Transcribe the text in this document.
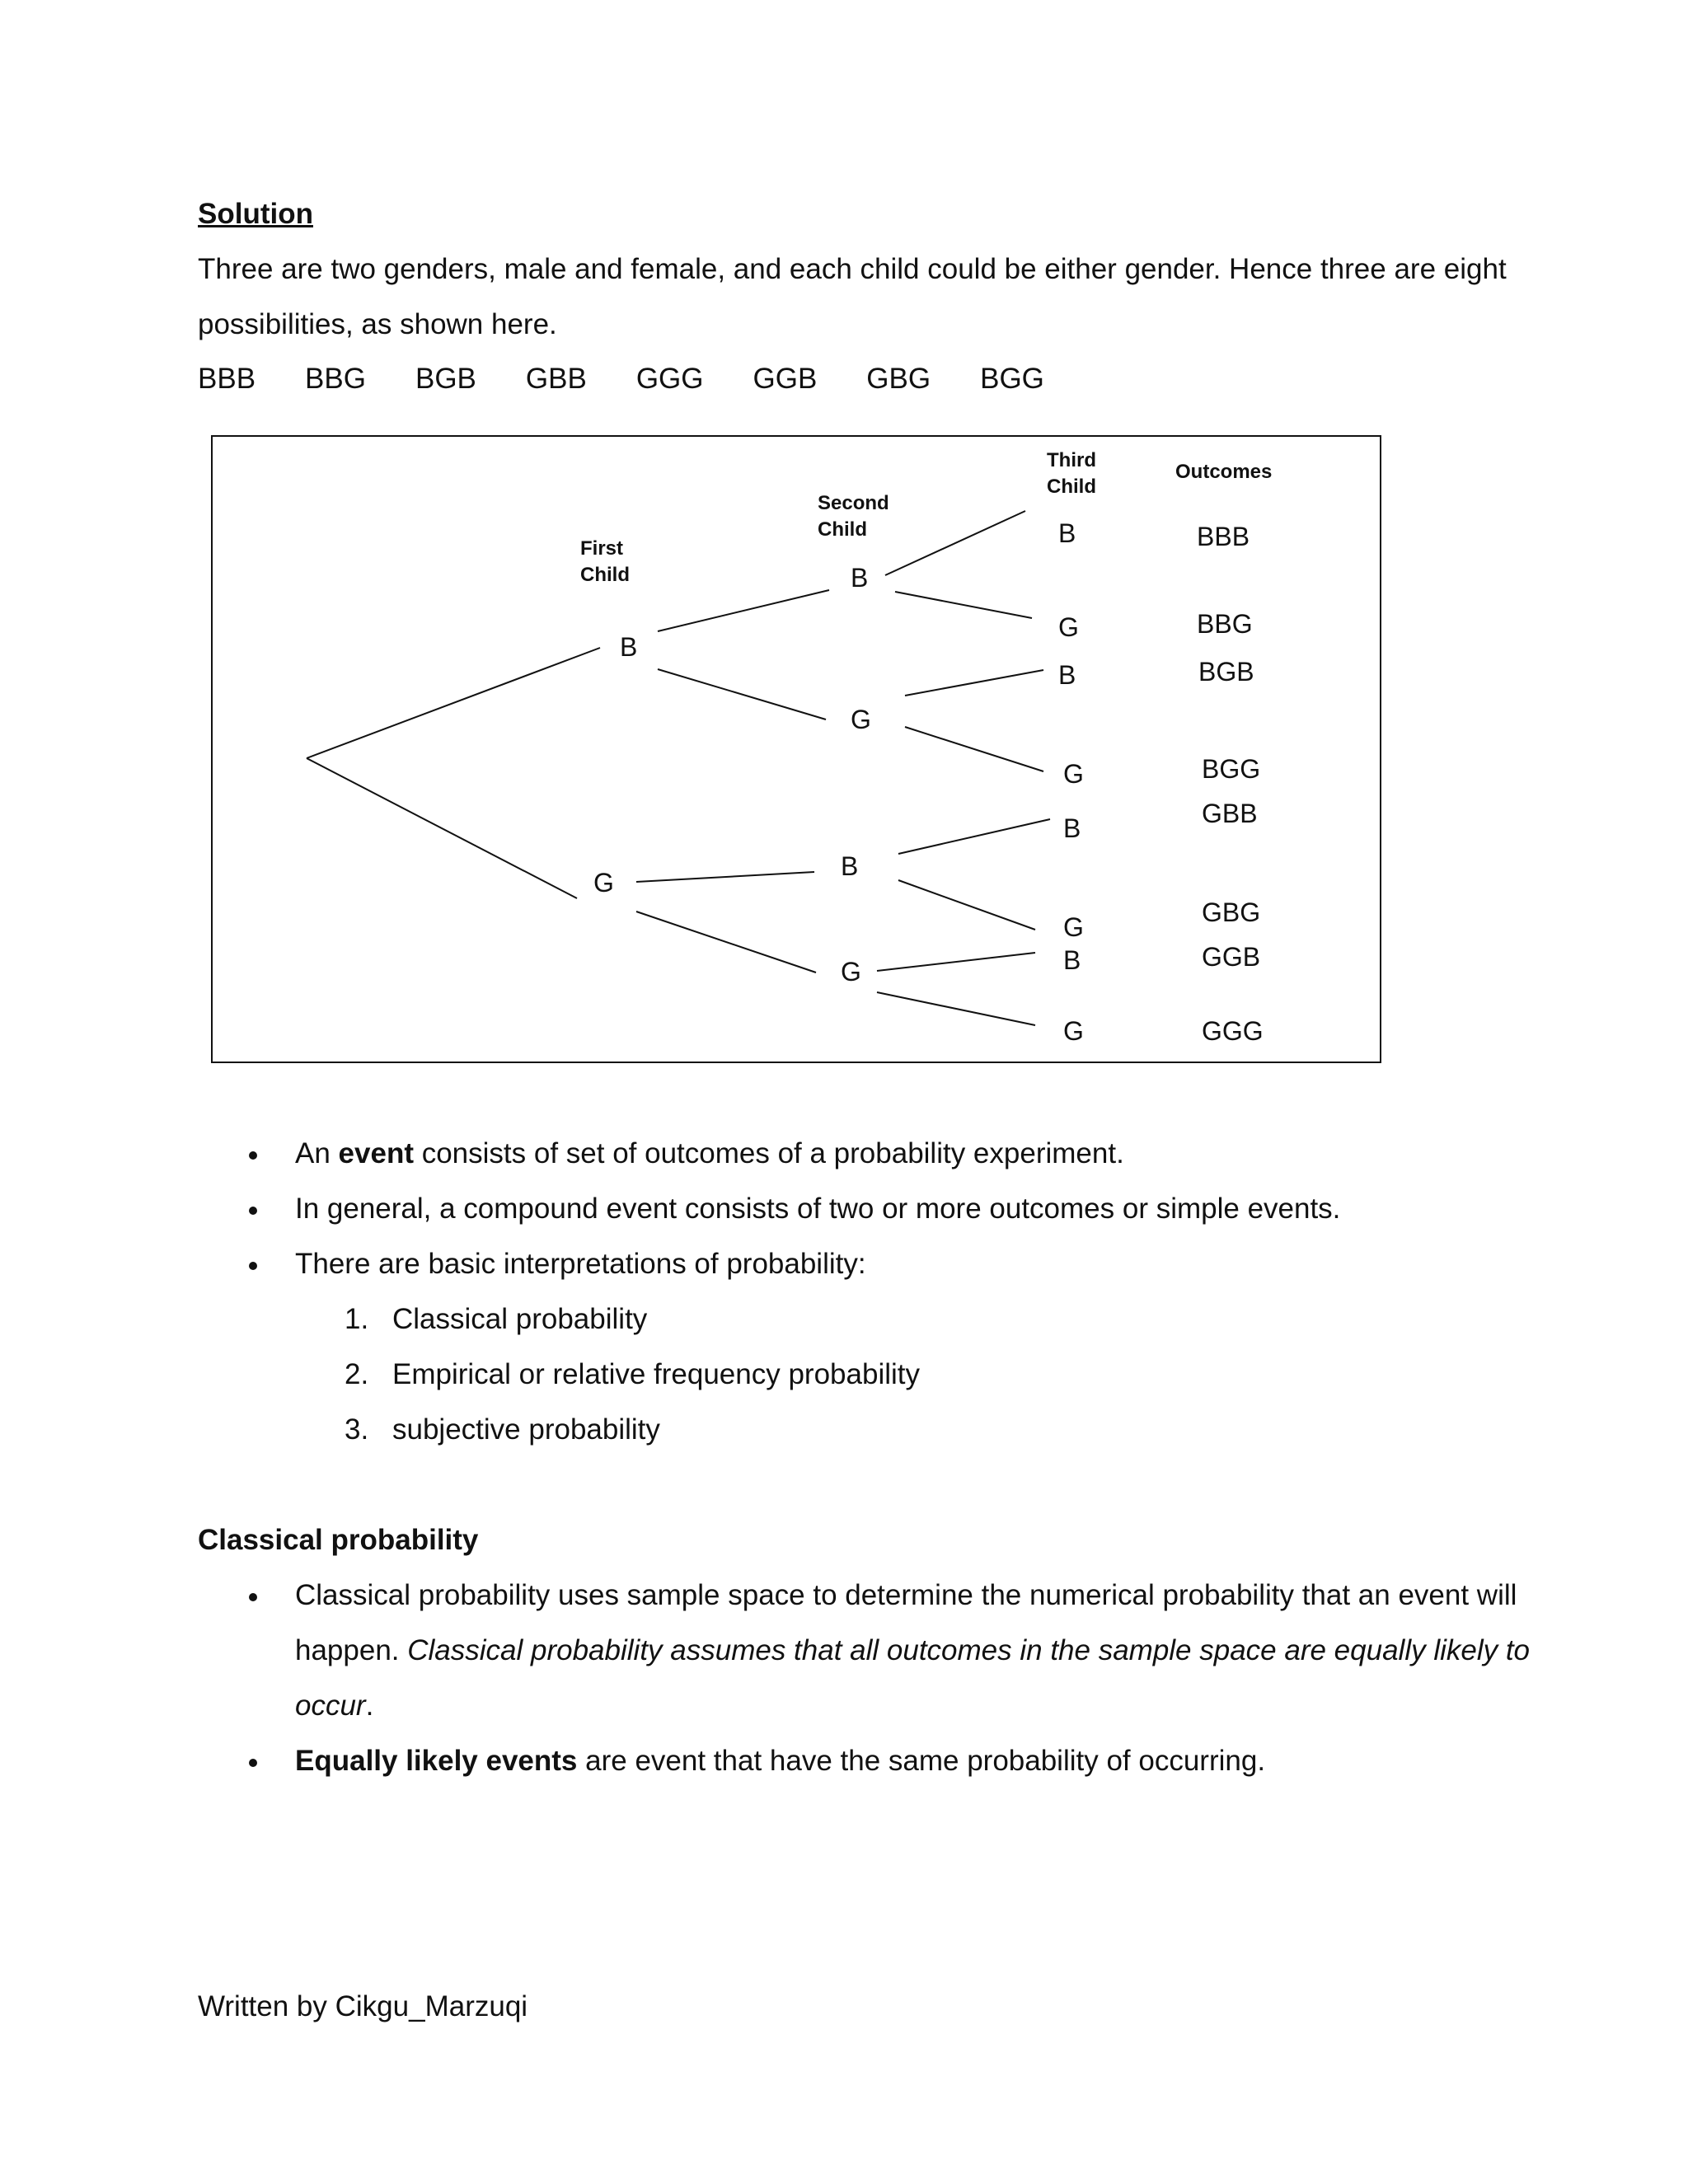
Solution
Three are two genders, male and female, and each child could be either gender. Hence three are eight
possibilities, as shown here.
BBB BBG BGB GBB GGG GGB GBG BGG
First
Child
Second
Child
Third
Child
Outcomes
B
G
B
G
B
G
B
G
B
G
B
G
B
G
BBB
BBG
BGB
BGG
GBB
GBG
GGB
GGG
An event consists of set of outcomes of a probability experiment.
In general, a compound event consists of two or more outcomes or simple events.
There are basic interpretations of probability:
1. Classical probability
2. Empirical or relative frequency probability
3. subjective probability
Classical probability
Classical probability uses sample space to determine the numerical probability that an event will
happen. Classical probability assumes that all outcomes in the sample space are equally likely to
occur.
Equally likely events are event that have the same probability of occurring.
Written by Cikgu_Marzuqi
